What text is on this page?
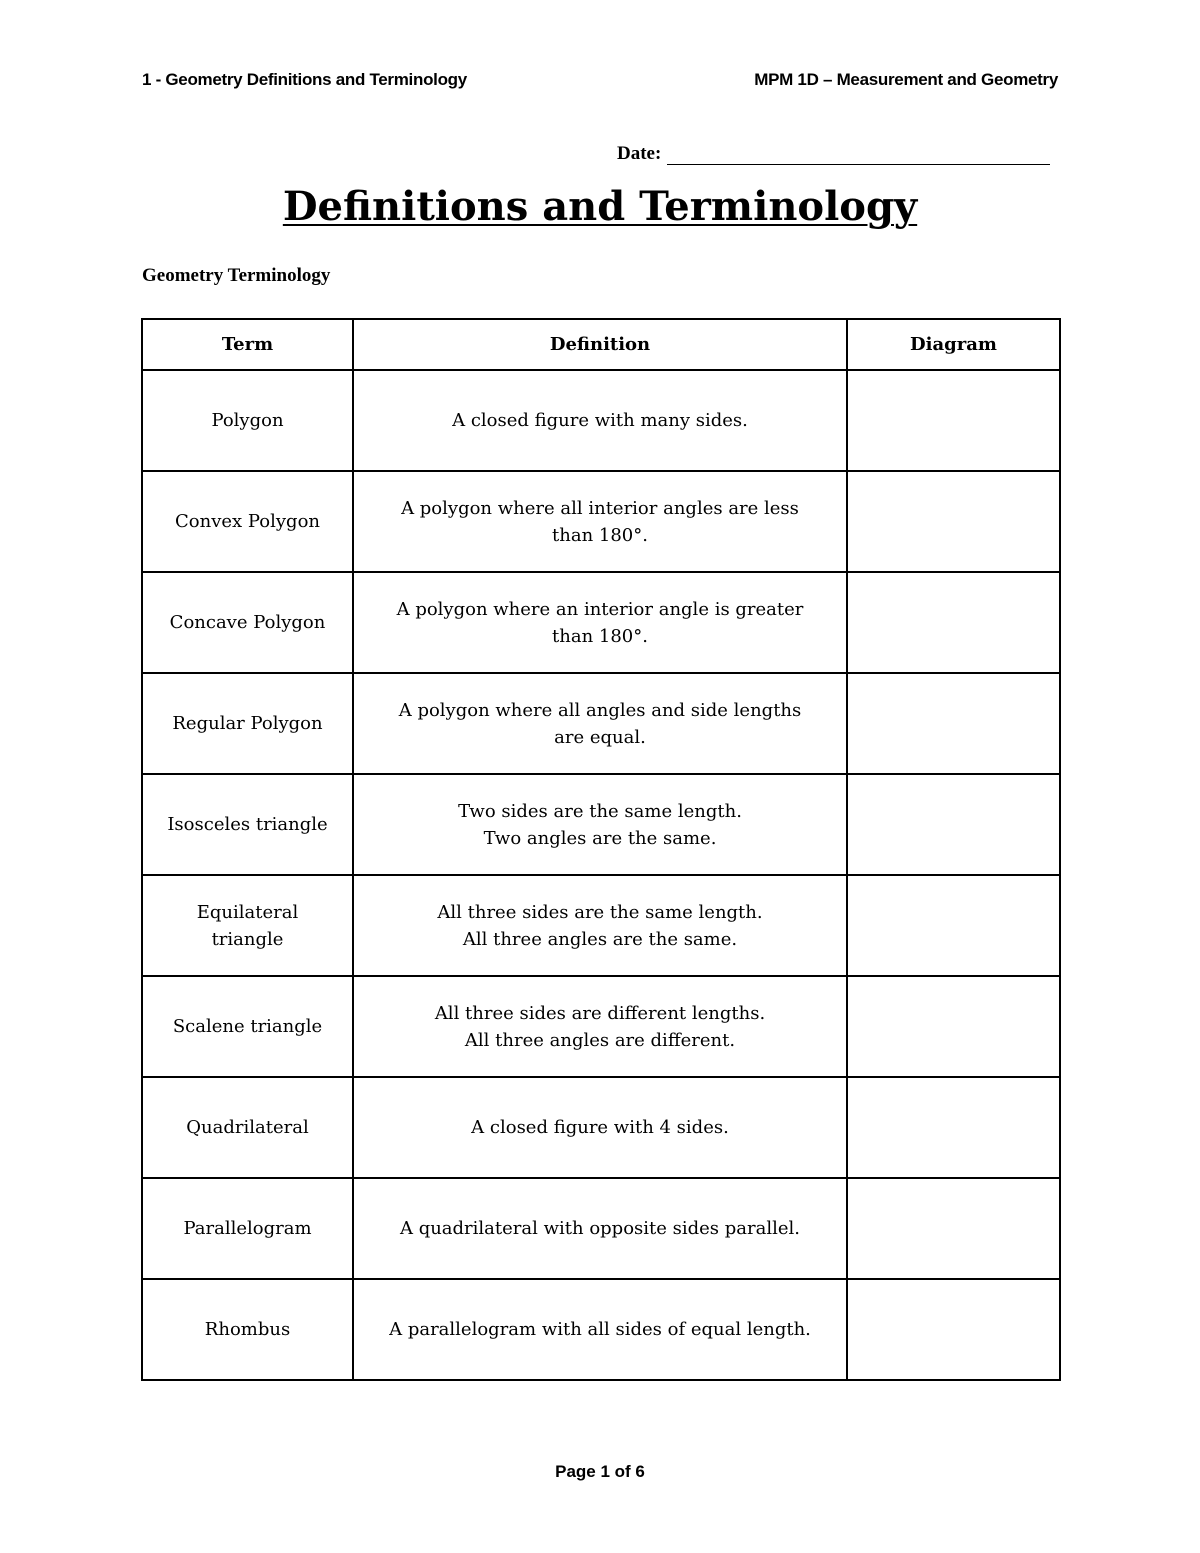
1 - Geometry Definitions and Terminology	MPM 1D – Measurement and Geometry
Date:
Definitions and Terminology
Geometry Terminology
Term	Definition	Diagram

Polygon	A closed figure with many sides.	

Convex Polygon	A polygon where all interior angles are less
than 180°.	

Concave Polygon	A polygon where an interior angle is greater
than 180°.	

Regular Polygon	A polygon where all angles and side lengths
are equal.	

Isosceles triangle	Two sides are the same length.
Two angles are the same.	

Equilateral
triangle	All three sides are the same length.
All three angles are the same.	

Scalene triangle	All three sides are different lengths.
All three angles are different.	

Quadrilateral	A closed figure with 4 sides.	

Parallelogram	A quadrilateral with opposite sides parallel.	

Rhombus	A parallelogram with all sides of equal length.	

Page 1 of 6
